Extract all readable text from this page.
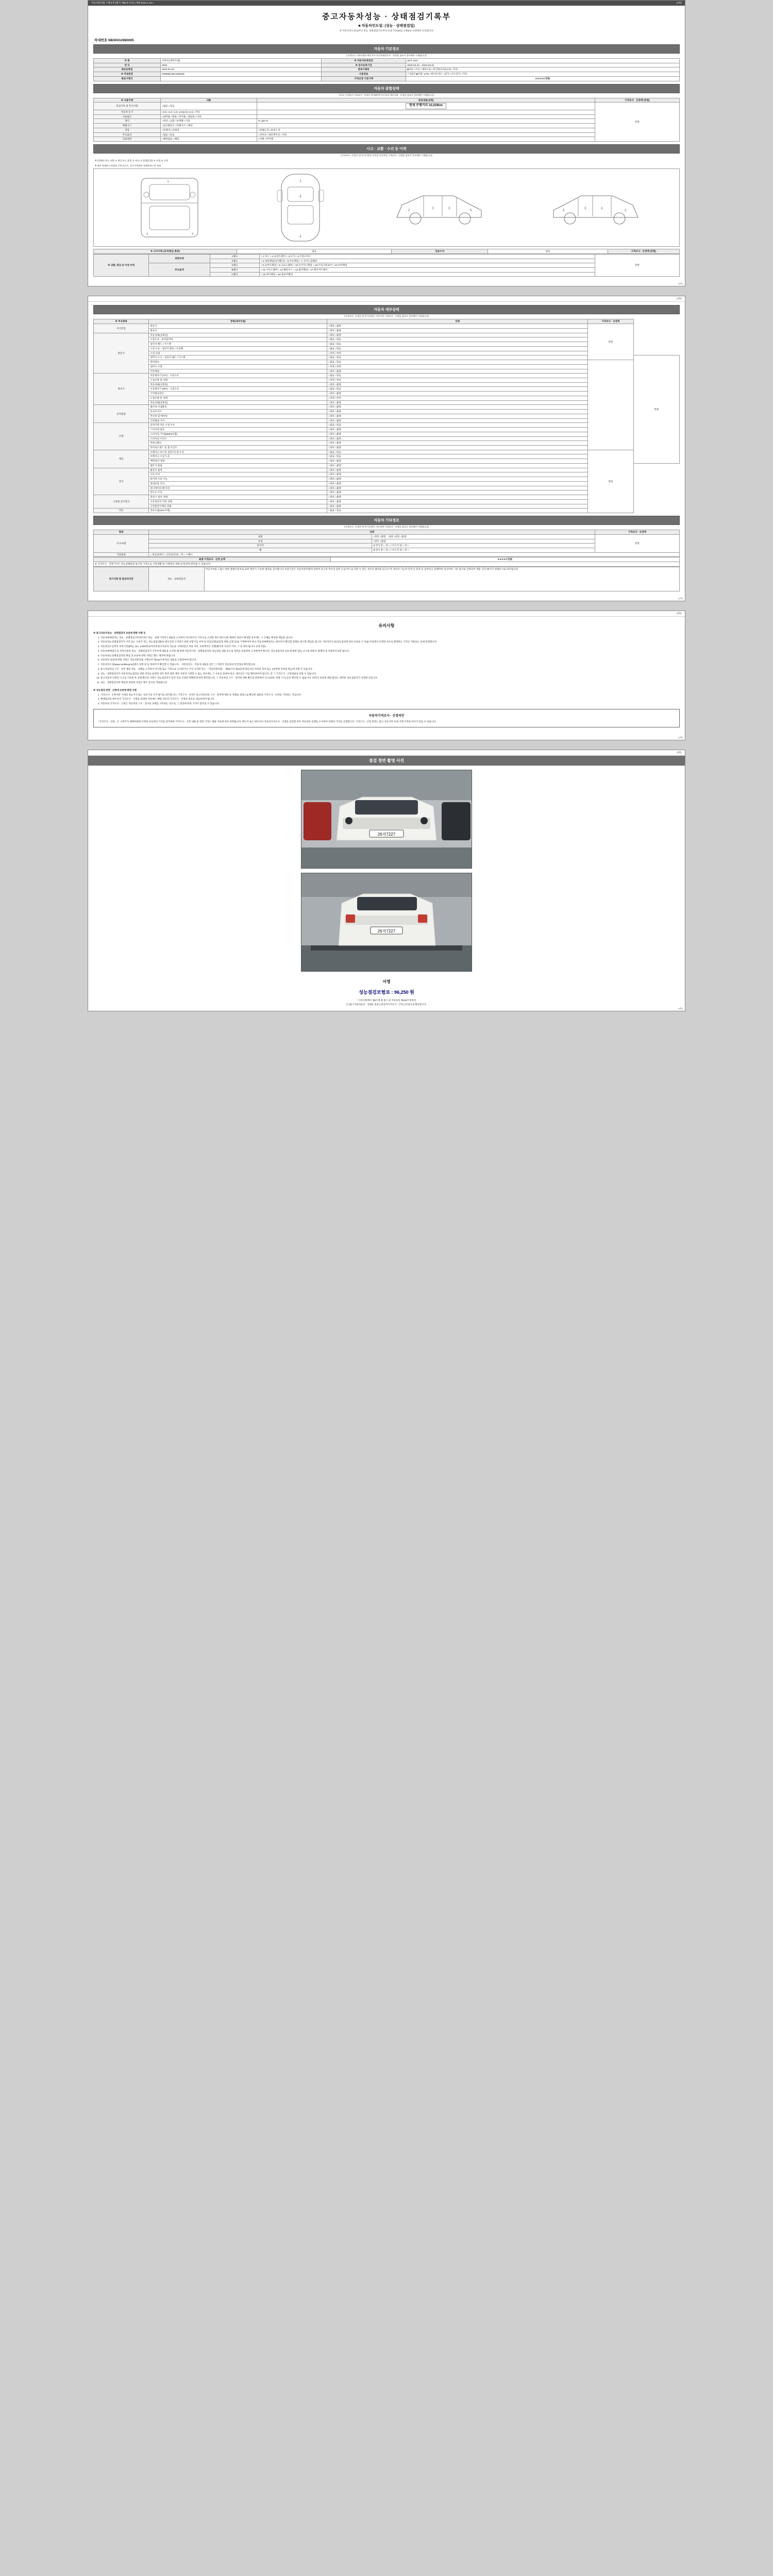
자동차관리법 시행규칙 [별지 제82호서식] <개정 2023.1.19.>	(1쪽)
중고자동차성능 · 상태점검기록부
■ 자동차인도일: (성능 · 상태점검일)
※ 자동차인도일로부터 성능·상태점검기록부의 보증기간(30일, 2천km) 이내에만 유효합니다
차대번호 NB3KIG2980005
자동차 기본정보
(가계신고 가격사항은 확인자의 자동차대장으로 · 산정을 참조로 경우에만 기재됩니다)
차 명	모하비 (세부모델)	※ 자동차등록번호	26저-7227
연 식	2020	※ 검사유효기간	2020-03-23 ~ 2024-03-22
최초등록일	2020-03-23	변속기종류	■자동 □수동 □세미오토 □무단변속기(CVT) □기타
※ 차대번호	KNM9B14DUU05408	사용연료	□가솔린 ■디젤 □LPG □하이브리드 □전기 □수소전기 □기타
원동기형식		가격산정 기준가액	0 0 0 0 0 만원
자동차 종합상태
(주요 구성품의 가격조사 · 산정은 별지6번에 자동차의 세부상태 · 산정을 참조로 경우에만 기재됩니다)
※ 사용이력	내용	점검내용(상태)	가격조사 · 산정액 (만원)
전입기록 및 특기사항	□없음 □있음	현재 주행거리 10,029km	만원
자동차 등기	□0.5 □1.0 □1.5 □2.0(2.0) □2.5 □기타		
사용용도	□대여용 □관용 □자가용 □영업용 □기타		
계기	□정상 □교환 □부정확 □기타	% cpm %	
배출가스	□일산화탄소 □탄화수소 □매연		
색상	□무채색 □유채색	□전체도색 □부분도색	
주요옵션	□없음 □있음	□선루프 □내비게이션 □기타	
리콜대상	□해당없음 □해당	□이행 □미이행	
사고 · 교환 · 수리 등 이력
(가격조사 · 산정은 및 특기사항은 부식과 자동차만 가격조사 · 산정을 참조로 경우에만 기재됩니다)
※ (상태표시) 1. 교환, 2. 판금 또는 용접, 3. 부식, 4. 흠집(긁힘), 5. 요철, 6. 손상
※ 하단 상태표시 용품의 기준으로서, 기타 우측하단 상태에 표시로 참조
1
2	2
1
6
4
2
3	3
5	2
3
3
5
※ 사고이력 (교차/판금 종류)	없음	단순수리	없음	가격조사 · 산정액 (만원)
※ 교환, 판금 등 이상 부위	외판부위	1랭크	□ 1.후드 □ 2.프론트팬더 □ 3.도어 □ 4.트렁크리드	만원
		2랭크	□ 5.쿼터패널(리어팬더) □ 6.루프패널 □ 7.사이드실패널	
	주요골격	X랭크	□ 8.프론트패널 □ 9.크로스멤버 □ 10.인사이드패널 □ 16.트렁크플로어 □ 10.리어패널	
		B랭크	□ 11.사이드멤버 □ 12.휠하우스 □ 13.필러패널 □ 17.패키지트레이	
		C랭크	□ 15.대시패널 □ 16.플로어패널	
(1쪽)
(2쪽)
자동차 세부상태
(가격조사 · 산정은 및 특기사항은 자동차만 가격조사 · 산정을 참조로 경우에만 기재됩니다)
※ 주요항목	항목(세부부품)	상태	가격조사 · 산정액	
자기진단	원동기	□양호 □불량	만원	
	변속기	□양호 □불량		
원동기	작동상태(공회전)	□양호 □불량		
	오일누유 - 로커암커버	□없음 □있음		
	실린더 헤드 / 가스켓	□없음 □있음		
	오일 누유 - 실린더 블록 / 오일팬	□없음 □있음		
	오일 유량	□적정 □부족		
	냉각수 누수 - 실린더 헤드 / 가스켓	□없음 □있음		만원
	워터펌프	□없음 □있음		
	냉각수 수량	□적정 □부족		
	커먼레일	□양호 □불량		
변속기	자동변속기 (A/T) - 오일누유	□없음 □있음		
	오일유량 및 상태	□적정 □부족		
	작동상태(공회전)	□양호 □불량		
	수동변속기 (M/T) - 오일누유	□없음 □있음		
	기어변속장치	□양호 □불량		
	오일유량 및 상태	□적정 □부족		
	작동상태(공회전)	□양호 □불량		
동력전달	클러치 어셈블리	□양호 □불량		
	등속조인트	□양호 □불량		
	추진축 및 베어링	□양호 □불량		
	디퍼렌셜 기어	□양호 □불량		
조향	동력조향 작동 오일 누유	□없음 □있음		
	스티어링 펌프	□양호 □불량		
	스티어링 기어(MDPS포함)	□양호 □불량		
	스티어링 조인트	□양호 □불량		
	파워크랭크	□양호 □불량		
	타이로드엔드 및 볼 조인트	□양호 □불량		
제동	브레이크 마스터 실린더오일 누유	□없음 □있음	만원	
	브레이크 오일 누유	□없음 □있음		
	배력장치 상태	□양호 □불량		
	벨브가 풀림	□양호 □불량		
전기	발전기 출력	□양호 □불량		
	시동 모터	□양호 □불량		
	와이퍼 모터 기능	□양호 □불량		
	실내송풍 모터	□양호 □불량		
	라디에이터 팬 모터	□양호 □불량		
	윈도우 모터	□양호 □불량		
고전원 전기장치	충전구 절연 상태	□양호 □불량		
	구동축전지 격리 상태	□양호 □불량		
	고전원전기배선 상태	□양호 □불량		
연료	연료누출(LPG포함)	□없음 □있음		
자동차 기타정보
(가격조사 · 산정은 및 특기사항은 자동차만 가격조사 · 산정을 참조로 경우에만 기재됩니다)
항목	상태		가격조사 · 산정액
사고/교환	외관	□양호 □불량 내장 □양호 □불량	만원
	유리	□양호 □불량	
	타이어	운전석 앞 □ 뒤 □ / 조수석 앞 □ 뒤 □	
	휠	운전석 앞 □ 뒤 □ / 조수석 앞 □ 뒤 □	
기본품목	□ 취급설명서 □ 안전삼각대 □ 잭 □ 스패너		
최종 가격조사 · 산정 금액	0 0 0 0 0 만원
※ 가격조사 · 산정가격은 성능상태점검 당시의 가격으로 시장상황 및 구매자의 상태 등에 따라 변동될 수 있습니다
특기사항 및 점검자의견	성능 · 상태점검자	비공식부품 드립니 관련 불법자동차로 또한 철차가 기능한 범위로 검사합니다 보증기간은 자동차관리법에 의하여 중고자 특수성 업무 도로 버스로 인한 수 있는 경우의 범위로 있고서 약 자동차 기능적 인정 등 전자 등 업무하고 실행하여 검사하여 그런 검사로 인정되어 제품 기간 20가지 상태표시로 비유됩니다.
(2쪽)
(3쪽)
유의사항

※ 중고자동차성능 · 상태점검자 보증에 관한 사항 등

1. 자동차매매업자는 성능 · 상태점검기록부(이하 "성능 · 상태 기록부") 내용을 고지하지 아니하거나 거짓으로 고지할 경우 매수인에 대하여 과실이 발생할 경우에는 그 손해를 배상할 책임을 집니다.
2. 자동차성능상태점검자가 거짓 또는 오류가 있는 성능점검내용을 매수인에 고지하기 위한 보험가입 여부 및 보험금액(보증을 위한 금액 등)을 기재하여야 하고 자동차매매업자는 매수인이 확인할 상태를 제시할 책임을 집니다. 자동차인도일(성능점검에 따른 보증을 수 있습니다)에서 인정한 사유로 발생하는 기간은 적용되는 등에 한정합니다.
3. 자동차인도일부터 보증기간(30일, 또는 2,000킬로미터에 중고자동차 성능을 고려되었고 보증 이후, 보증계약은 건별(별지의 이상이 이후, 그 을 권의 됩니다 규정 비용)
4. 자동차매매업자 등 건강자동차 성능 · 상태점검자가 기록부에 내용을 고지할 때 현행 자동차시장 · 상태점검자의 성능점검 내용 등으로 업무를 효율하여 고지하여야 합니다. 성능점검자의 성능에 대한 검토 고시에 의하여, 판매자 후 자발적으로만 됩니다.
5. 자동차성능상태점검자의 책임 및 보증에 관한 사항은 별도 계약에 따릅니다.
6. 자동차의 점검에 관한 사항은 자동차관리법 시행규칙 제120조에 따른 내용을 포함하여야 합니다.
7. 자동차인도일(www.car365.go.kr)에서 상태 및 등 정보까지 확인할 수 있습니다. · 자동차인도 : 자동차 내용을 같은 그 어떤지 자동차의 안전성을 확인합니다.
8. 중고자동차의 구조 · 장치 별의 성능 · 상태를 고지하지 아니한 또는 거짓으로 고지하거나 거짓 고지한 자는 「자동차관리법」 제80조의 제10호에 따라 2년 이하의 징역 또는 2천만원 이하의 벌금에 처할 수 있습니다.
9. 성능 · 상태점검자가 자동차성능점검을 위한 장치를 운영한 경우 관련 권한 제약 사항과 기재할 수 없는 경우에는 그 사유를 알려야 하고, 매수인은 이를 확인하여야 합니다. 단 그 가격조사 · 산정내용을 알릴 수 있습니다.
10. 중고자동차 인정된 시고를 기록한 후 실제 확인된 사항은 성능점검자가 알린 것을 인정한 정확하게 판단 확인합니다. 그 자동차의 구조 · 장치에 대한 확인과 관련하여 사고(외관, 차체 구조) 등을 확인할 수 없습니다. 따라서 보증에 대한 범위는 대부분 성능점검자가 인정한 것입니다.
11. 성능 · 상태점검자의 책임과 관련한 사항은 별도 문서로 적용됩니다.

※ 성능점검 관련 · 산정에 보증에 관한 사항

1. 가격조사 · 산정이란 시세의 성능기사 또는 보증기의 가격 평가를 의미합니다. 가격조사 · 산정은 중고자동차의 구조 · 장치에 대한 등 상태를 점검으로 확인한 내용의 가격조사 · 산정을 기록하는 것입니다.
2. 매매업자의 매수인이 가격조사 · 산정을 의뢰한 경우에는 해당 자동차 가격조사 · 산정의 정보를 제공하여야 합니다.
3. 자동차의 가격조사 · 산정은 자동차의 구조 · 장치의 상태를 기록하는 것으로, 그 결과에 따라 가격이 달라질 수 있습니다.
자동차가격조사 · 산정의안

「가격조사 · 산정」은 시세가가 매매차량에 산정한 자동차의 가격을 의미하며 가격조사 · 산정 내용 및 관련 가격은 해당 기준에 따라 결정됩니다. 매도자 또는 매수인이 자동차가격조사 · 산정을 의뢰할 경우 자동차의 상태를 조사하여 차량의 가격을 산정합니다. 가격조사 · 산정 결과는 참고 자료이며 실제 거래 가격과 차이가 있을 수 있습니다.

(3쪽)
(4쪽)
점검 정면 촬영 사진
26저7227
26저7227
서명
성능점검보험료 : 96,250 원
* 기록사항에서 제5조에 및 중고 및 자동차의 제130조에 따라
[ㅁ]중고자동차등록 · 상태를 검증 [ ]자동차가격조사 · 산정 ( )신청으로 확인합니다.
(4쪽)
